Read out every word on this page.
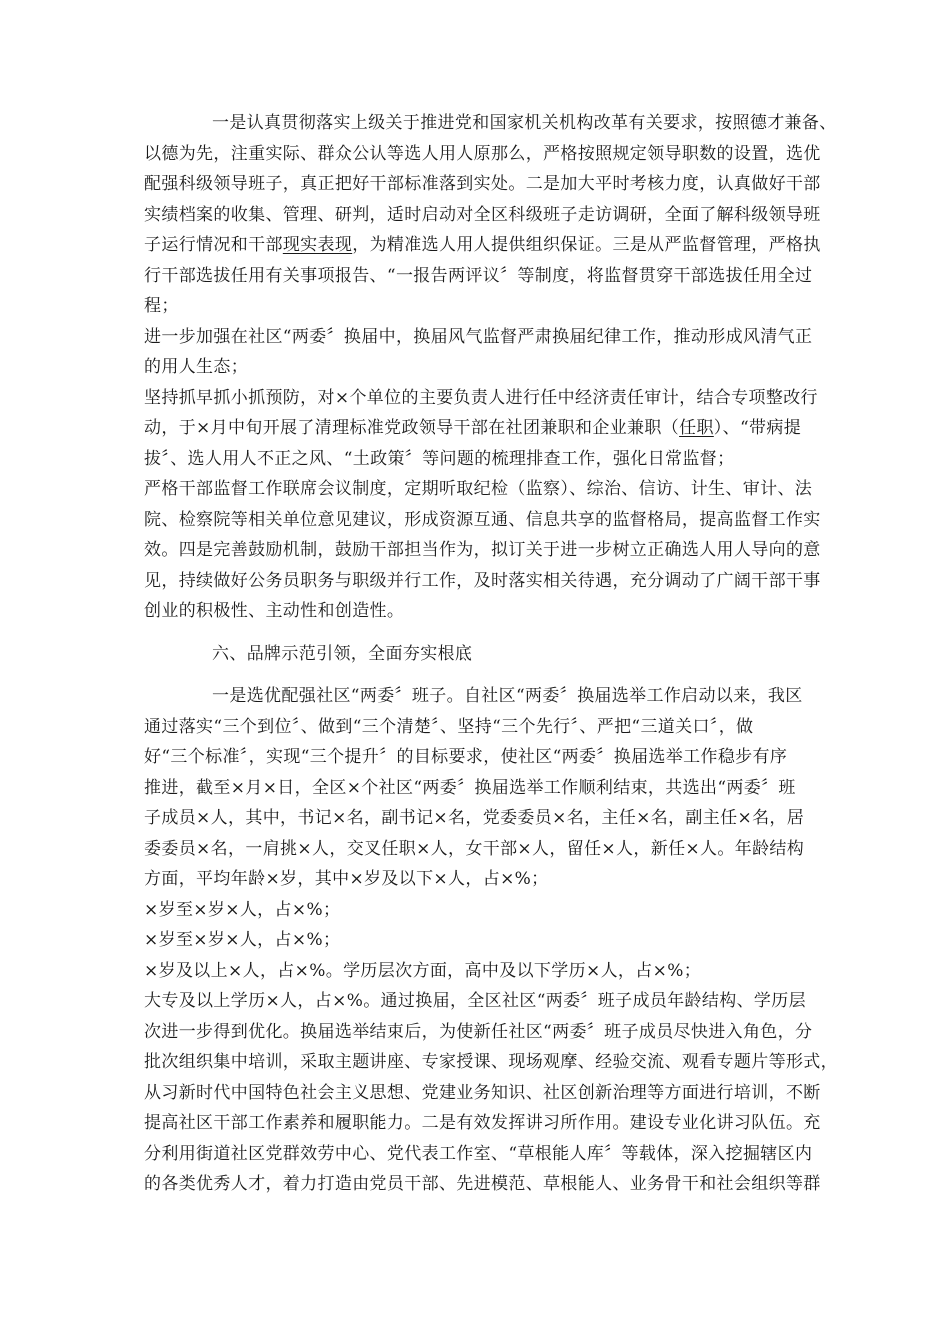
一是认真贯彻落实上级关于推进党和国家机关机构改革有关要求，按照德才兼备、
以德为先，注重实际、群众公认等选人用人原那么，严格按照规定领导职数的设置，选优
配强科级领导班子，真正把好干部标准落到实处。二是加大平时考核力度，认真做好干部
实绩档案的收集、管理、研判，适时启动对全区科级班子走访调研，全面了解科级领导班
子运行情况和干部现实表现，为精准选人用人提供组织保证。三是从严监督管理，严格执
行干部选拔任用有关事项报告、“一报告两评议〞等制度，将监督贯穿干部选拔任用全过
程；
进一步加强在社区“两委〞换届中，换届风气监督严肃换届纪律工作，推动形成风清气正
的用人生态；
坚持抓早抓小抓预防，对×个单位的主要负责人进行任中经济责任审计，结合专项整改行
动，于×月中旬开展了清理标准党政领导干部在社团兼职和企业兼职（任职）、“带病提
拔〞、选人用人不正之风、“土政策〞等问题的梳理排查工作，强化日常监督；
严格干部监督工作联席会议制度，定期听取纪检（监察）、综治、信访、计生、审计、法
院、检察院等相关单位意见建议，形成资源互通、信息共享的监督格局，提高监督工作实
效。四是完善鼓励机制，鼓励干部担当作为，拟订关于进一步树立正确选人用人导向的意
见，持续做好公务员职务与职级并行工作，及时落实相关待遇，充分调动了广阔干部干事
创业的积极性、主动性和创造性。
六、品牌示范引领，全面夯实根底
一是选优配强社区“两委〞班子。自社区“两委〞换届选举工作启动以来，我区
通过落实“三个到位〞、做到“三个清楚〞、坚持“三个先行〞、严把“三道关口〞，做
好“三个标准〞，实现“三个提升〞的目标要求，使社区“两委〞换届选举工作稳步有序
推进，截至×月×日，全区×个社区“两委〞换届选举工作顺利结束，共选出“两委〞班
子成员×人，其中，书记×名，副书记×名，党委委员×名，主任×名，副主任×名，居
委委员×名，一肩挑×人，交叉任职×人，女干部×人，留任×人，新任×人。年龄结构
方面，平均年龄×岁，其中×岁及以下×人，占×%；
×岁至×岁×人，占×%；
×岁至×岁×人，占×%；
×岁及以上×人，占×%。学历层次方面，高中及以下学历×人，占×%；
大专及以上学历×人，占×%。通过换届，全区社区“两委〞班子成员年龄结构、学历层
次进一步得到优化。换届选举结束后，为使新任社区“两委〞班子成员尽快进入角色，分
批次组织集中培训，采取主题讲座、专家授课、现场观摩、经验交流、观看专题片等形式，
从习新时代中国特色社会主义思想、党建业务知识、社区创新治理等方面进行培训，不断
提高社区干部工作素养和履职能力。二是有效发挥讲习所作用。建设专业化讲习队伍。充
分利用街道社区党群效劳中心、党代表工作室、“草根能人库〞等载体，深入挖掘辖区内
的各类优秀人才，着力打造由党员干部、先进模范、草根能人、业务骨干和社会组织等群
